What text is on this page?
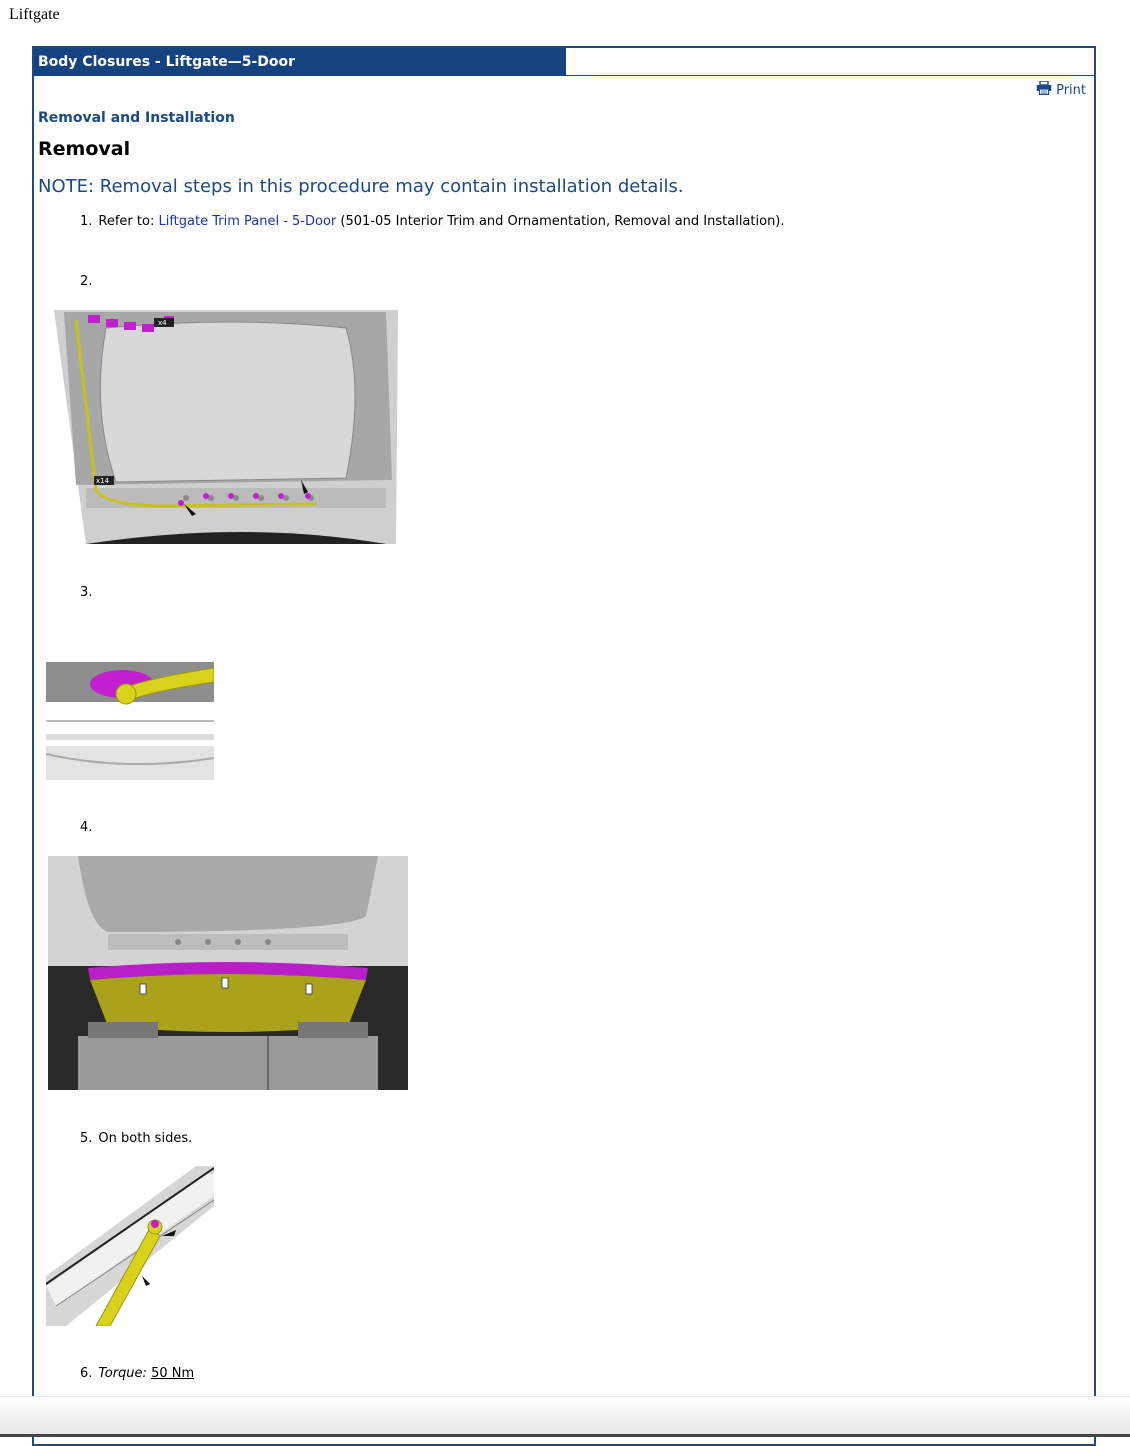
Liftgate
Body Closures - Liftgate—5-Door
Print
Removal and Installation
Removal
NOTE: Removal steps in this procedure may contain installation details.
1. Refer to: Liftgate Trim Panel - 5-Door (501-05 Interior Trim and Ornamentation, Removal and Installation).
2.
x4
x14
3.
4.
5. On both sides.
6. Torque: 50 Nm
